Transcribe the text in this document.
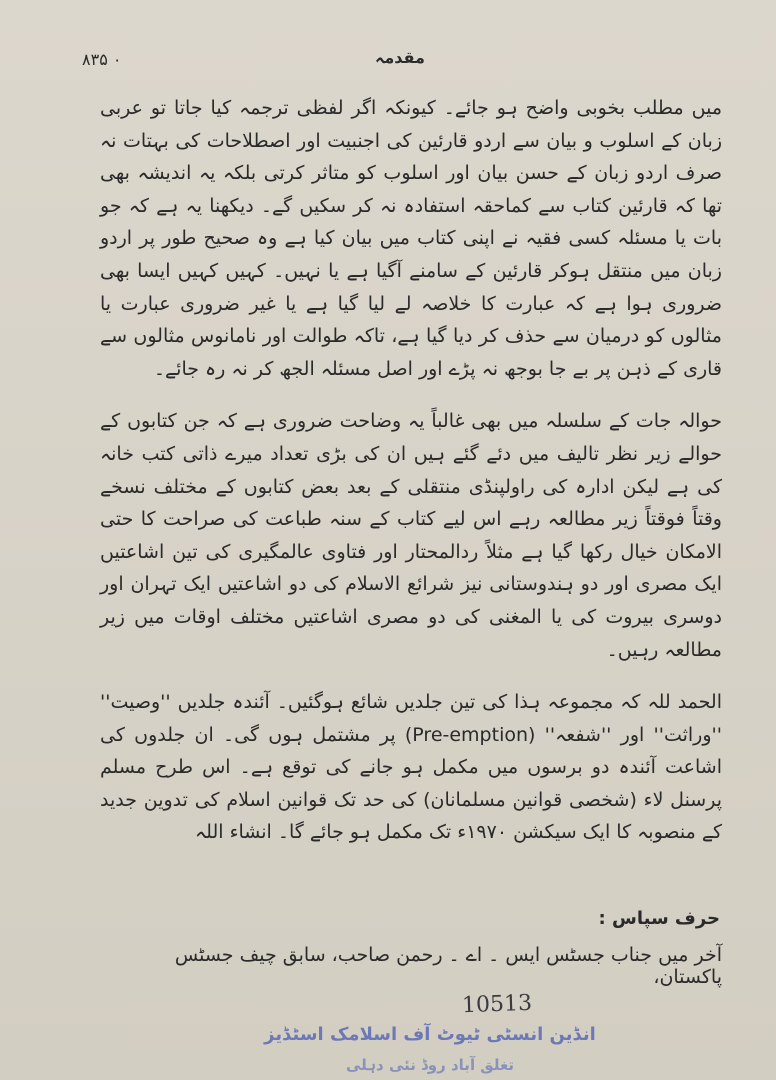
۸۳۵ ٠	مقدمہ

میں مطلب بخوبی واضح ہو جائے۔ کیونکہ اگر لفظی ترجمہ کیا جاتا تو عربی زبان کے اسلوب و بیان سے اردو قارئین کی اجنبیت اور اصطلاحات کی بہتات نہ صرف اردو زبان کے حسن بیان اور اسلوب کو متاثر کرتی بلکہ یہ اندیشہ بھی تھا کہ قارئین کتاب سے کماحقہ استفادہ نہ کر سکیں گے۔ دیکھنا یہ ہے کہ جو بات یا مسئلہ کسی فقیہ نے اپنی کتاب میں بیان کیا ہے وہ صحیح طور پر اردو زبان میں منتقل ہوکر قارئین کے سامنے آگیا ہے یا نہیں۔ کہیں کہیں ایسا بھی ضروری ہوا ہے کہ عبارت کا خلاصہ لے لیا گیا ہے یا غیر ضروری عبارت یا مثالوں کو درمیان سے حذف کر دیا گیا ہے، تاکہ طوالت اور نامانوس مثالوں سے قاری کے ذہن پر بے جا بوجھ نہ پڑے اور اصل مسئلہ الجھ کر نہ رہ جائے۔

حوالہ جات کے سلسلہ میں بھی غالباً یہ وضاحت ضروری ہے کہ جن کتابوں کے حوالے زیر نظر تالیف میں دئے گئے ہیں ان کی بڑی تعداد میرے ذاتی کتب خانہ کی ہے لیکن ادارہ کی راولپنڈی منتقلی کے بعد بعض کتابوں کے مختلف نسخے وقتاً فوقتاً زیر مطالعہ رہے اس لیے کتاب کے سنہ طباعت کی صراحت کا حتی الامکان خیال رکھا گیا ہے مثلاً ردالمحتار اور فتاوی عالمگیری کی تین اشاعتیں ایک مصری اور دو ہندوستانی نیز شرائع الاسلام کی دو اشاعتیں ایک تہران اور دوسری بیروت کی یا المغنی کی دو مصری اشاعتیں مختلف اوقات میں زیر مطالعہ رہیں۔

الحمد للہ کہ مجموعہ ہذا کی تین جلدیں شائع ہوگئیں۔ آئندہ جلدیں ''وصیت'' ''وراثت'' اور ''شفعہ'' (Pre-emption) پر مشتمل ہوں گی۔ ان جلدوں کی اشاعت آئندہ دو برسوں میں مکمل ہو جانے کی توقع ہے۔ اس طرح مسلم پرسنل لاء (شخصی قوانین مسلمانان) کی حد تک قوانین اسلام کی تدوین جدید کے منصوبہ کا ایک سیکشن ۱۹۷۰ء تک مکمل ہو جائے گا۔ انشاء اللہ

حرف سپاس :
آخر میں جناب جسٹس ایس ۔ اے ۔ رحمن صاحب، سابق چیف جسٹس پاکستان،
10513
انڈین انسٹی ٹیوٹ آف اسلامک اسٹڈیز
تغلق آباد روڈ نئی دہلی
